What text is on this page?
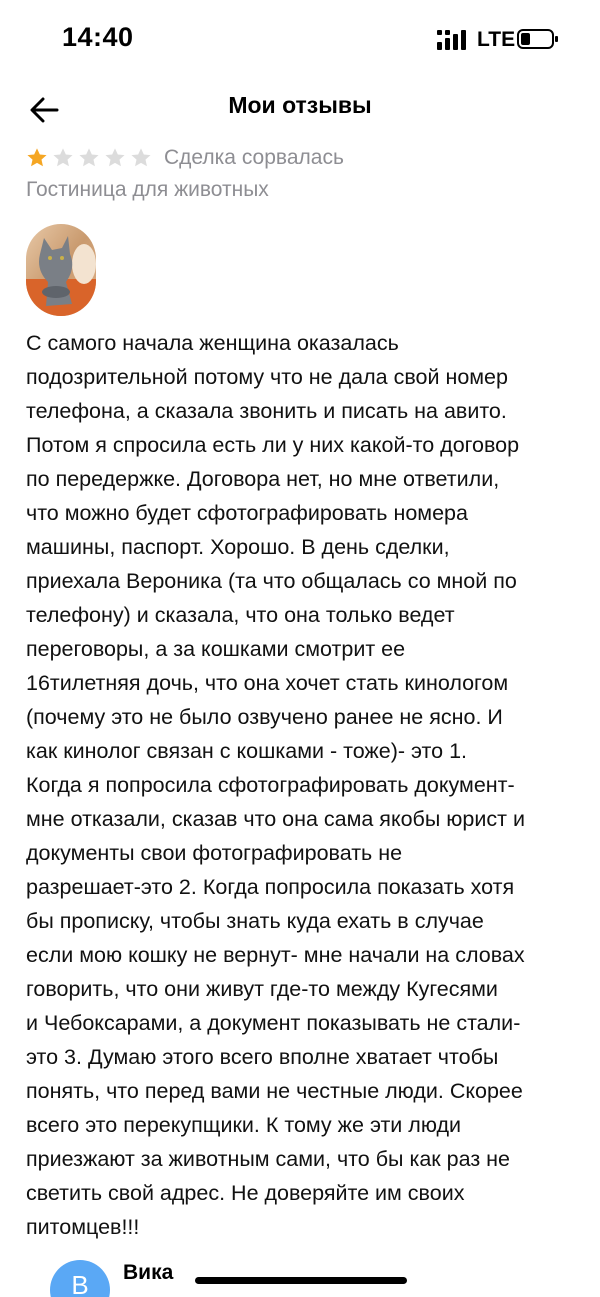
14:40	LTE
Мои отзывы
Сделка сорвалась
Гостиница для животных
С самого начала женщина оказалась
подозрительной потому что не дала свой номер
телефона, а сказала звонить и писать на авито.
Потом я спросила есть ли у них какой-то договор
по передержке. Договора нет, но мне ответили,
что можно будет сфотографировать номера
машины, паспорт. Хорошо. В день сделки,
приехала Вероника (та что общалась со мной по
телефону) и сказала, что она только ведет
переговоры, а за кошками смотрит ее
16тилетняя дочь, что она хочет стать кинологом
(почему это не было озвучено ранее не ясно. И
как кинолог связан с кошками - тоже)- это 1.
Когда я попросила сфотографировать документ-
мне отказали, сказав что она сама якобы юрист и
документы свои фотографировать не
разрешает-это 2. Когда попросила показать хотя
бы прописку, чтобы знать куда ехать в случае
если мою кошку не вернут- мне начали на словах
говорить, что они живут где-то между Кугесями
и Чебоксарами, а документ показывать не стали-
это 3. Думаю этого всего вполне хватает чтобы
понять, что перед вами не честные люди. Скорее
всего это перекупщики. К тому же эти люди
приезжают за животным сами, что бы как раз не
светить свой адрес. Не доверяйте им своих
питомцев!!!
В Вика
